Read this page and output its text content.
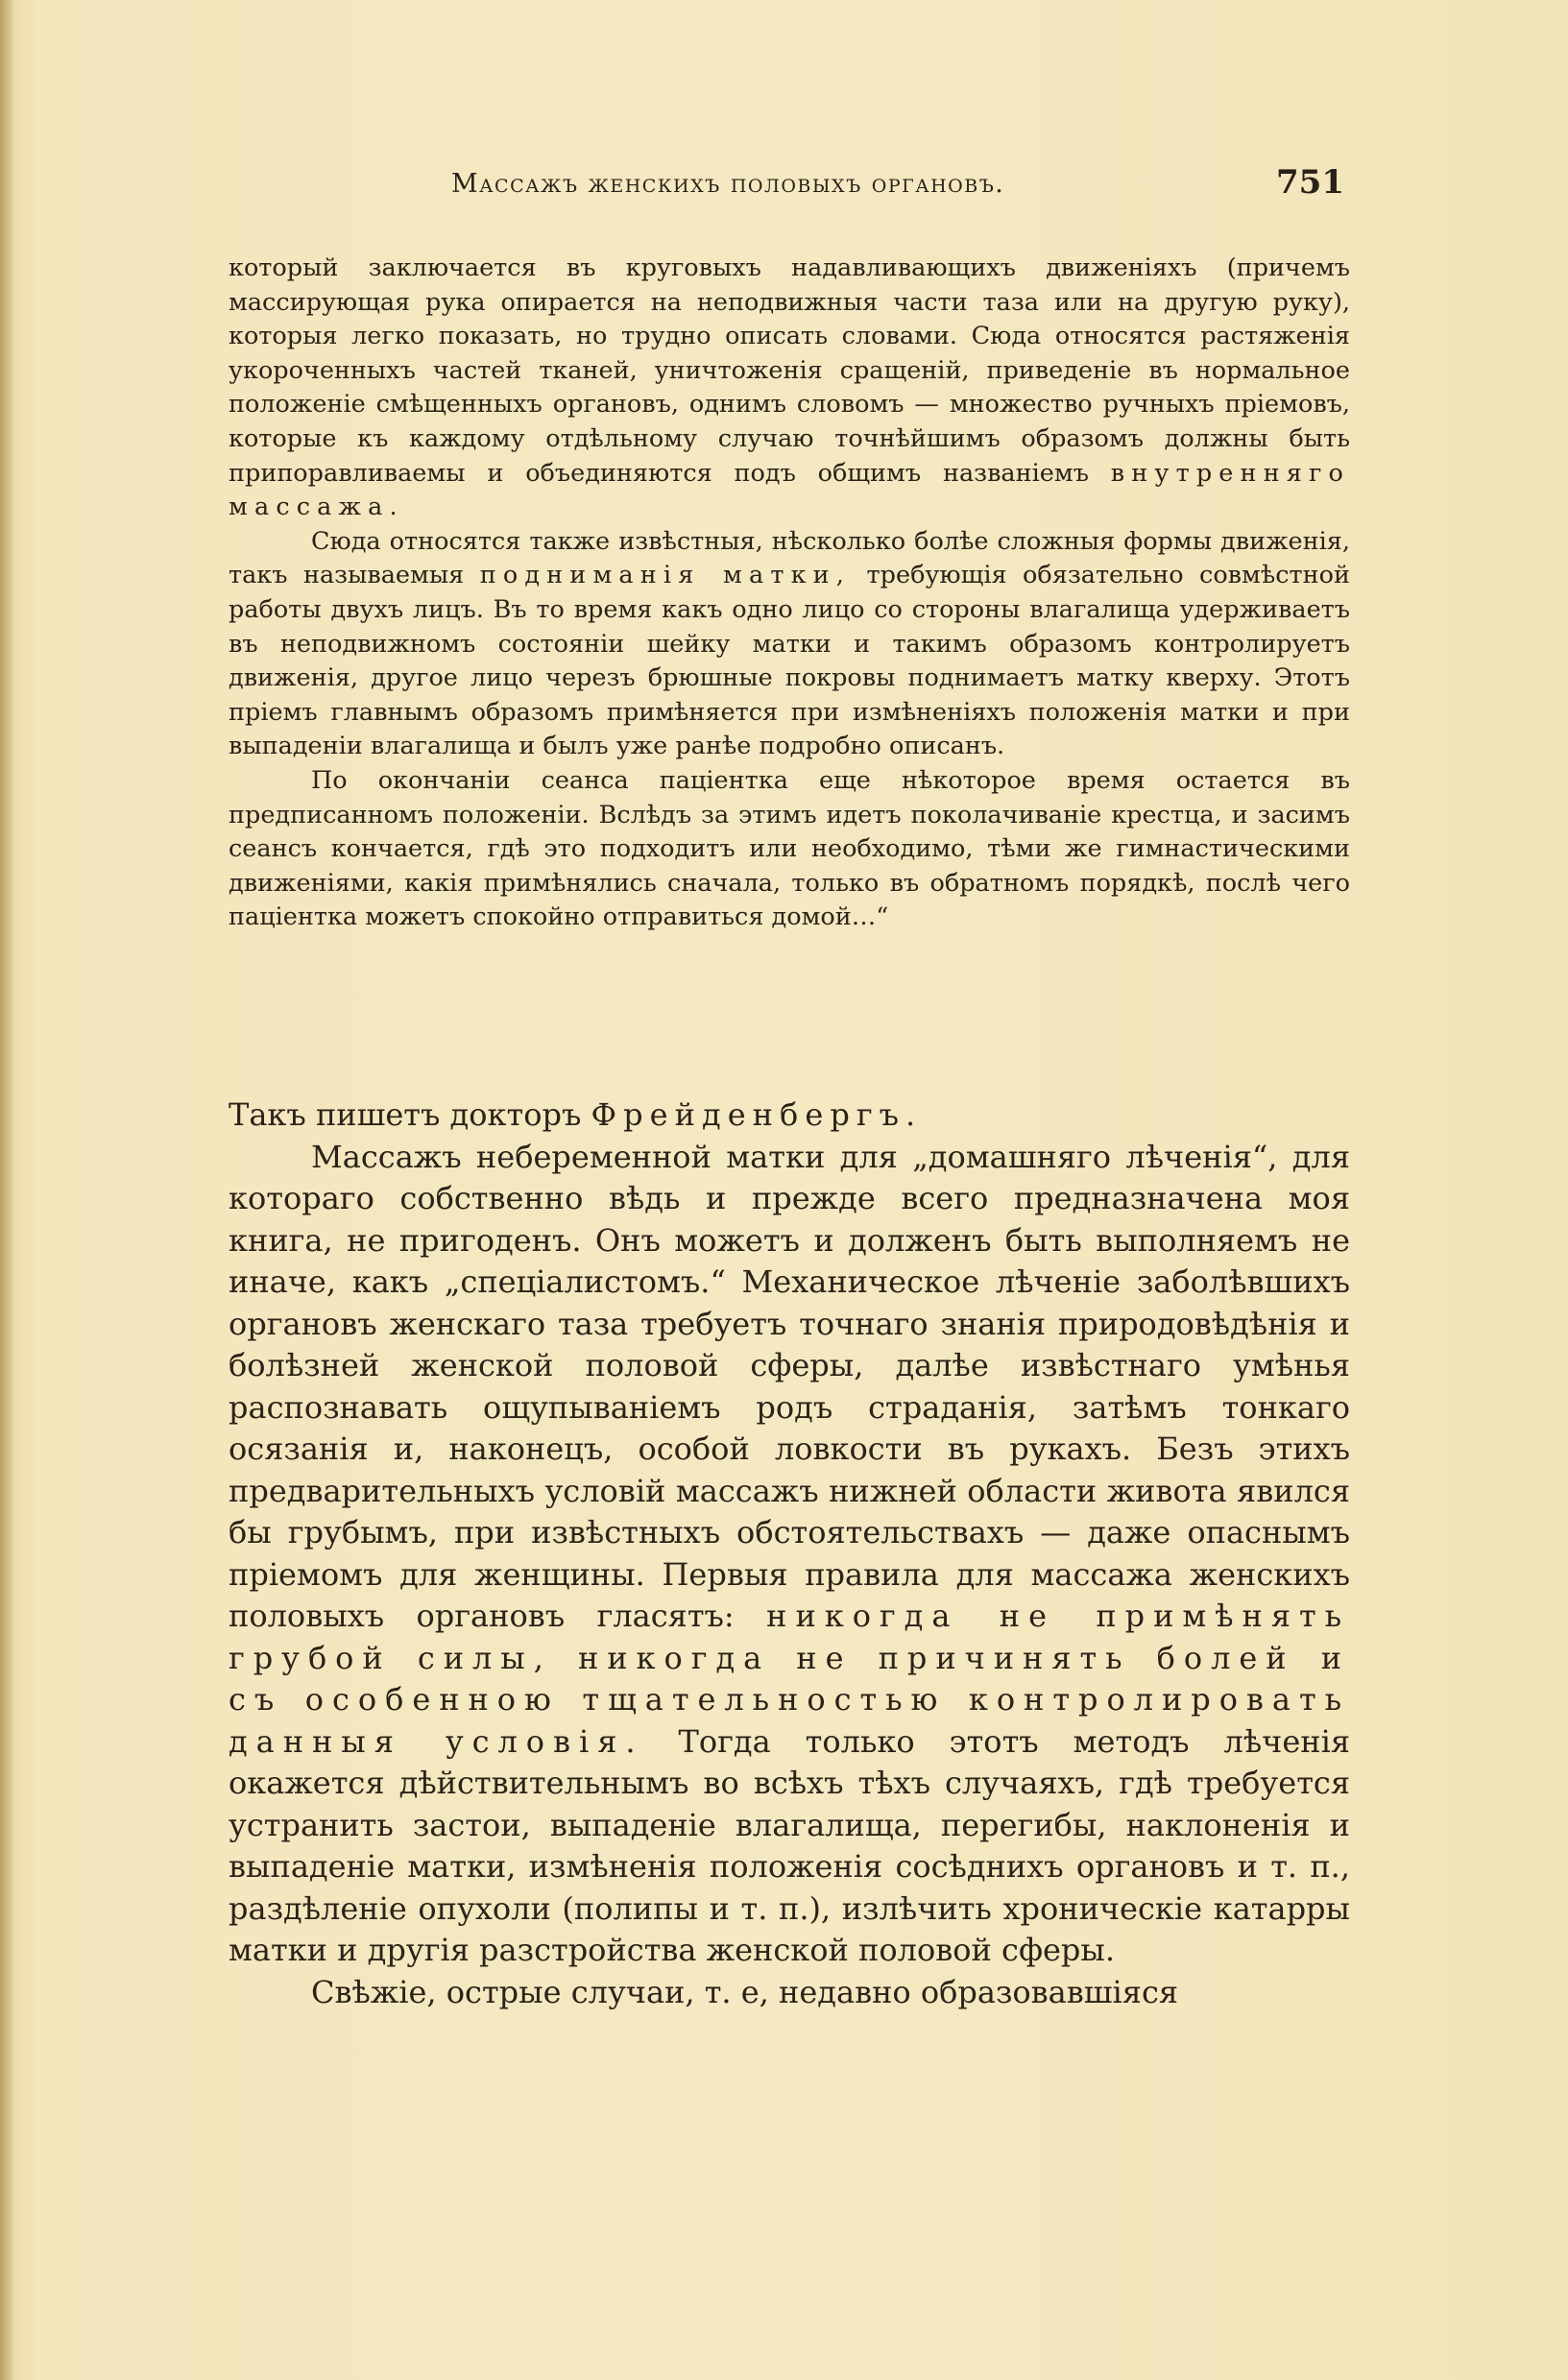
Массажъ женскихъ половыхъ органовъ.	751

который заключается въ круговыхъ надавливающихъ движеніяхъ (причемъ массирующая рука опирается на неподвижныя части таза или на другую руку), которыя легко показать, но трудно описать словами. Сюда относятся растяженія укороченныхъ частей тканей, уничтоженія сращеній, приведеніе въ нормальное положеніе смѣщенныхъ органовъ, однимъ словомъ — множество ручныхъ пріемовъ, которые къ каждому отдѣльному случаю точнѣйшимъ образомъ должны быть припоравливаемы и объединяются подъ общимъ названіемъ внутренняго массажа.

Сюда относятся также извѣстныя, нѣсколько болѣе сложныя формы движенія, такъ называемыя подниманія матки, требующія обязательно совмѣстной работы двухъ лицъ. Въ то время какъ одно лицо со стороны влагалища удерживаетъ въ неподвижномъ состояніи шейку матки и такимъ образомъ контролируетъ движенія, другое лицо черезъ брюшные покровы поднимаетъ матку кверху. Этотъ пріемъ главнымъ образомъ примѣняется при измѣненіяхъ положенія матки и при выпаденіи влагалища и былъ уже ранѣе подробно описанъ.

По окончаніи сеанса паціентка еще нѣкоторое время остается въ предписанномъ положеніи. Вслѣдъ за этимъ идетъ поколачиваніе крестца, и засимъ сеансъ кончается, гдѣ это подходитъ или необходимо, тѣми же гимнастическими движеніями, какія примѣнялись сначала, только въ обратномъ порядкѣ, послѣ чего паціентка можетъ спокойно отправиться домой…“

Такъ пишетъ докторъ Фрейденбергъ.

Массажъ небеременной матки для „домашняго лѣченія“, для котораго собственно вѣдь и прежде всего предназначена моя книга, не пригоденъ. Онъ можетъ и долженъ быть выполняемъ не иначе, какъ „спеціалистомъ.“ Механическое лѣченіе заболѣвшихъ органовъ женскаго таза требуетъ точнаго знанія природовѣдѣнія и болѣзней женской половой сферы, далѣе извѣстнаго умѣнья распознавать ощупываніемъ родъ страданія, затѣмъ тонкаго осязанія и, наконецъ, особой ловкости въ рукахъ. Безъ этихъ предварительныхъ условій массажъ нижней области живота явился бы грубымъ, при извѣстныхъ обстоятельствахъ — даже опаснымъ пріемомъ для женщины. Первыя правила для массажа женскихъ половыхъ органовъ гласятъ: никогда не примѣнять грубой силы, никогда не причинять болей и съ особенною тщательностью контролировать данныя условія. Тогда только этотъ методъ лѣченія окажется дѣйствительнымъ во всѣхъ тѣхъ случаяхъ, гдѣ требуется устранить застои, выпаденіе влагалища, перегибы, наклоненія и выпаденіе матки, измѣненія положенія сосѣднихъ органовъ и т. п., раздѣленіе опухоли (полипы и т. п.), излѣчить хроническіе катарры матки и другія разстройства женской половой сферы.

Свѣжіе, острые случаи, т. е, недавно образовавшіяся
